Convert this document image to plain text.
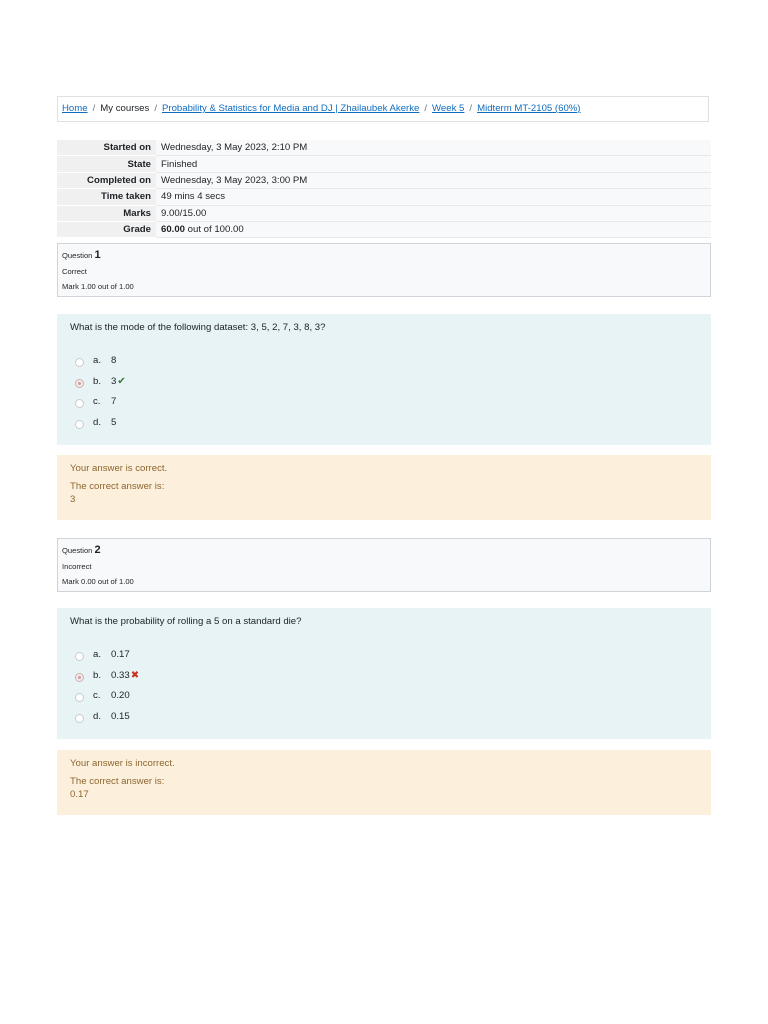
Home / My courses / Probability & Statistics for Media and DJ | Zhailaubek Akerke / Week 5 / Midterm MT-2105 (60%)
Started on	Wednesday, 3 May 2023, 2:10 PM
State	Finished
Completed on	Wednesday, 3 May 2023, 3:00 PM
Time taken	49 mins 4 secs
Marks	9.00/15.00
Grade	60.00 out of 100.00
Question 1
Correct
Mark 1.00 out of 1.00
What is the mode of the following dataset: 3, 5, 2, 7, 3, 8, 3?
a.	8
b.	3 ✔
c.	7
d.	5
Your answer is correct.
The correct answer is:
3
Question 2
Incorrect
Mark 0.00 out of 1.00
What is the probability of rolling a 5 on a standard die?
a.	0.17
b.	0.33 ✖
c.	0.20
d.	0.15
Your answer is incorrect.
The correct answer is:
0.17
